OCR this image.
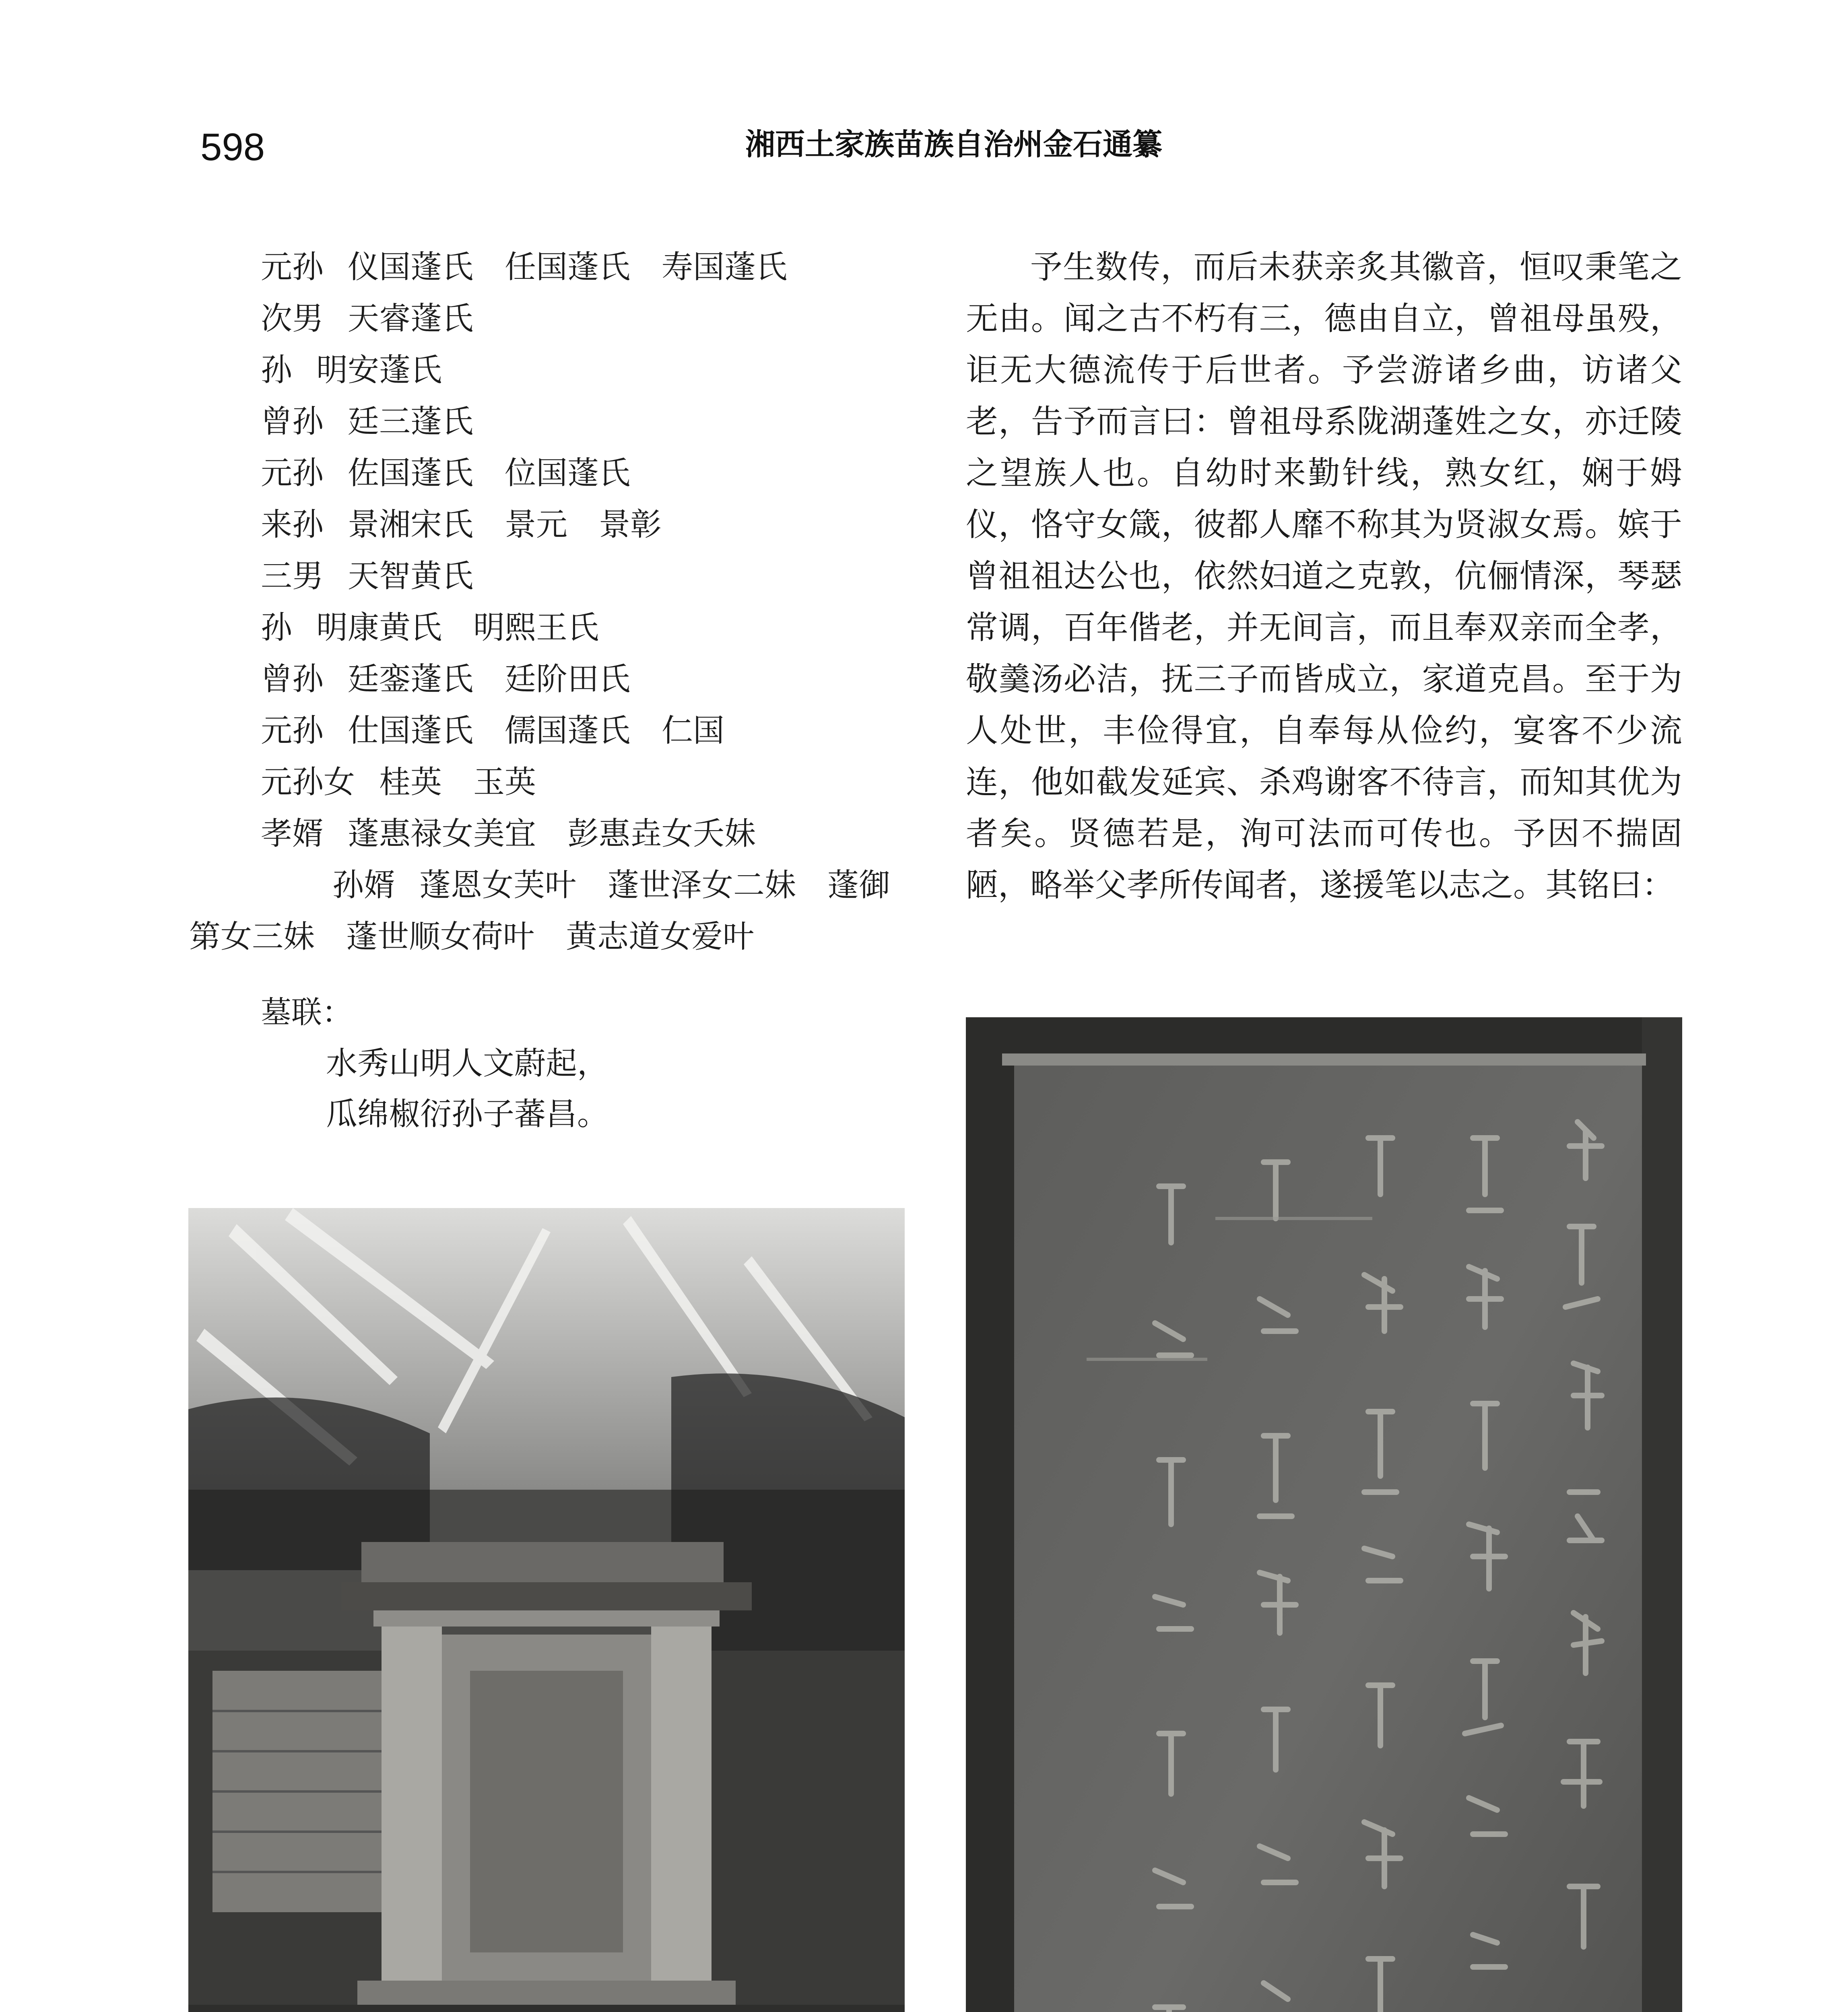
598	湘西土家族苗族自治州金石通纂
元孙 仪国蓬氏　任国蓬氏　寿国蓬氏
次男 天睿蓬氏
孙 明安蓬氏
曾孙 廷三蓬氏
元孙 佐国蓬氏　位国蓬氏
来孙 景湘宋氏　景元　景彰
三男 天智黄氏
孙 明康黄氏　明熙王氏
曾孙 廷銮蓬氏　廷阶田氏
元孙 仕国蓬氏　儒国蓬氏　仁国
元孙女 桂英　玉英
孝婿 蓬惠禄女美宜　彭惠垚女夭妹
孙婿 蓬恩女芙叶　蓬世泽女二妹　蓬御第女三妹　蓬世顺女荷叶　黄志道女爱叶
墓联：
水秀山明人文蔚起，
瓜绵椒衍孙子蕃昌。

予生数传，而后未获亲炙其徽音，恒叹秉笔之无由。闻之古不朽有三，德由自立，曾祖母虽殁，讵无大德流传于后世者。予尝游诸乡曲，访诸父老，告予而言曰：曾祖母系陇湖蓬姓之女，亦迁陵之望族人也。自幼时来勤针线，熟女红，娴于姆仪，恪守女箴，彼都人靡不称其为贤淑女焉。嫔于曾祖祖达公也，依然妇道之克敦，伉俪情深，琴瑟常调，百年偕老，并无间言，而且奉双亲而全孝，敬羹汤必洁，抚三子而皆成立，家道克昌。至于为人处世，丰俭得宜，自奉每从俭约，宴客不少流连，他如截发延宾、杀鸡谢客不待言，而知其优为者矣。贤德若是，洵可法而可传也。予因不揣固陋，略举父孝所传闻者，遂援笔以志之。其铭曰：
